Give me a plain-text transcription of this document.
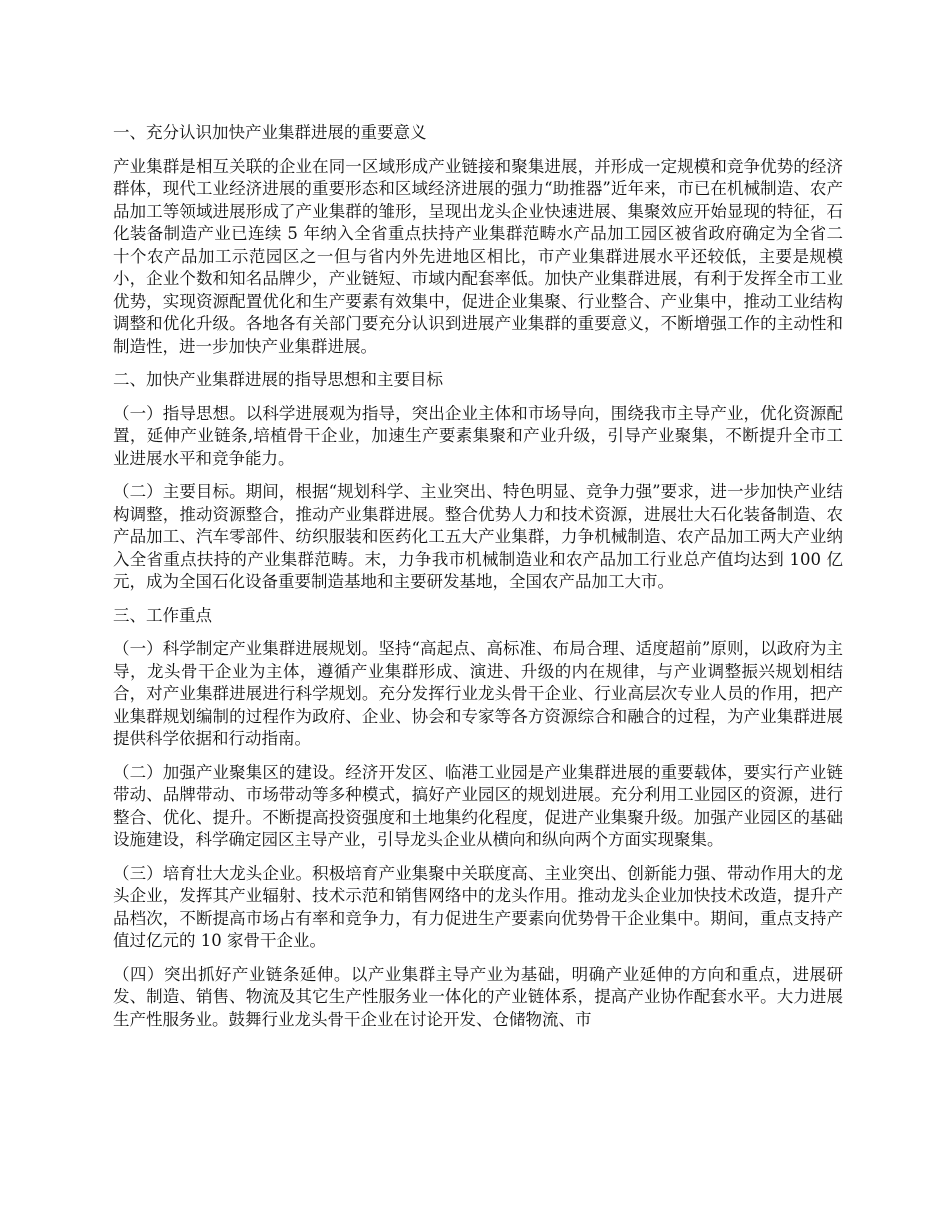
一、充分认识加快产业集群进展的重要意义

产业集群是相互关联的企业在同一区域形成产业链接和聚集进展，并形成一定规模和竞争优势的经济群体，现代工业经济进展的重要形态和区域经济进展的强力“助推器”近年来，市已在机械制造、农产品加工等领域进展形成了产业集群的雏形，呈现出龙头企业快速进展、集聚效应开始显现的特征，石化装备制造产业已连续 5 年纳入全省重点扶持产业集群范畴水产品加工园区被省政府确定为全省二十个农产品加工示范园区之一但与省内外先进地区相比，市产业集群进展水平还较低，主要是规模小，企业个数和知名品牌少，产业链短、市域内配套率低。加快产业集群进展，有利于发挥全市工业优势，实现资源配置优化和生产要素有效集中，促进企业集聚、行业整合、产业集中，推动工业结构调整和优化升级。各地各有关部门要充分认识到进展产业集群的重要意义，不断增强工作的主动性和制造性，进一步加快产业集群进展。

二、加快产业集群进展的指导思想和主要目标

（一）指导思想。以科学进展观为指导，突出企业主体和市场导向，围绕我市主导产业，优化资源配置，延伸产业链条,培植骨干企业，加速生产要素集聚和产业升级，引导产业聚集，不断提升全市工业进展水平和竞争能力。

（二）主要目标。期间，根据“规划科学、主业突出、特色明显、竞争力强”要求，进一步加快产业结构调整，推动资源整合，推动产业集群进展。整合优势人力和技术资源，进展壮大石化装备制造、农产品加工、汽车零部件、纺织服装和医药化工五大产业集群，力争机械制造、农产品加工两大产业纳入全省重点扶持的产业集群范畴。末，力争我市机械制造业和农产品加工行业总产值均达到 100 亿元，成为全国石化设备重要制造基地和主要研发基地，全国农产品加工大市。

三、工作重点

（一）科学制定产业集群进展规划。坚持“高起点、高标准、布局合理、适度超前”原则，以政府为主导，龙头骨干企业为主体，遵循产业集群形成、演进、升级的内在规律，与产业调整振兴规划相结合，对产业集群进展进行科学规划。充分发挥行业龙头骨干企业、行业高层次专业人员的作用，把产业集群规划编制的过程作为政府、企业、协会和专家等各方资源综合和融合的过程，为产业集群进展提供科学依据和行动指南。

（二）加强产业聚集区的建设。经济开发区、临港工业园是产业集群进展的重要载体，要实行产业链带动、品牌带动、市场带动等多种模式，搞好产业园区的规划进展。充分利用工业园区的资源，进行整合、优化、提升。不断提高投资强度和土地集约化程度，促进产业集聚升级。加强产业园区的基础设施建设，科学确定园区主导产业，引导龙头企业从横向和纵向两个方面实现聚集。

（三）培育壮大龙头企业。积极培育产业集聚中关联度高、主业突出、创新能力强、带动作用大的龙头企业，发挥其产业辐射、技术示范和销售网络中的龙头作用。推动龙头企业加快技术改造，提升产品档次，不断提高市场占有率和竞争力，有力促进生产要素向优势骨干企业集中。期间，重点支持产值过亿元的 10 家骨干企业。

（四）突出抓好产业链条延伸。以产业集群主导产业为基础，明确产业延伸的方向和重点，进展研发、制造、销售、物流及其它生产性服务业一体化的产业链体系，提高产业协作配套水平。大力进展生产性服务业。鼓舞行业龙头骨干企业在讨论开发、仓储物流、市
